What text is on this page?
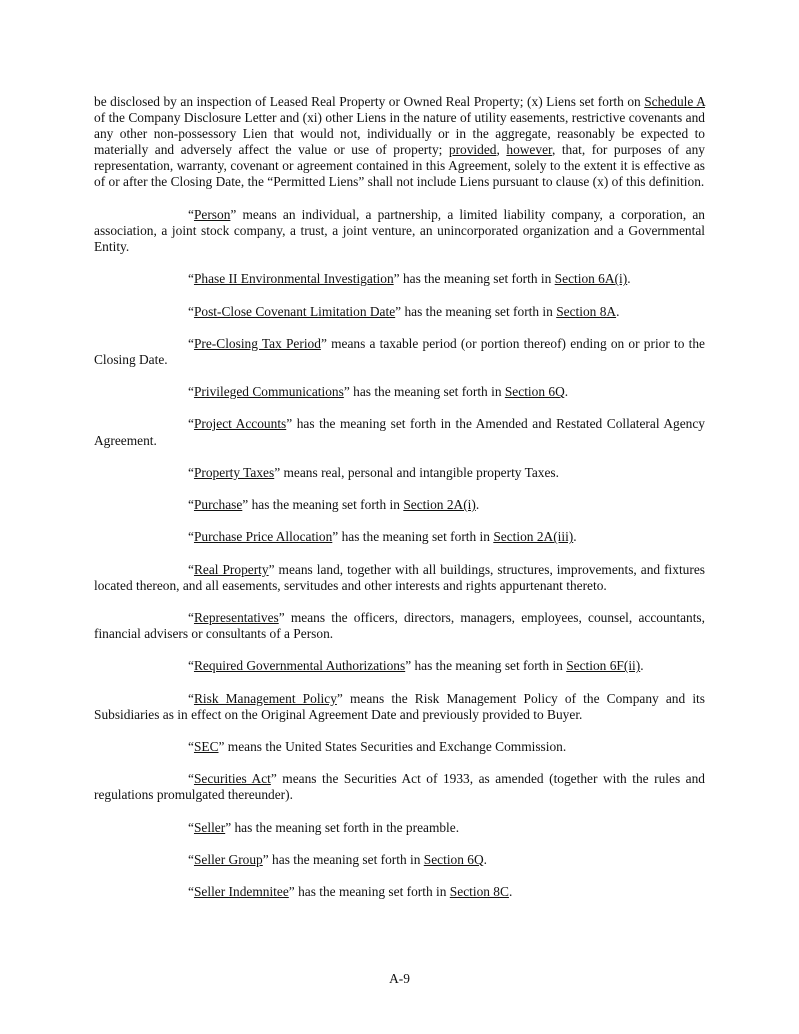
be disclosed by an inspection of Leased Real Property or Owned Real Property; (x) Liens set forth on Schedule A of the Company Disclosure Letter and (xi) other Liens in the nature of utility easements, restrictive covenants and any other non-possessory Lien that would not, individually or in the aggregate, reasonably be expected to materially and adversely affect the value or use of property; provided, however, that, for purposes of any representation, warranty, covenant or agreement contained in this Agreement, solely to the extent it is effective as of or after the Closing Date, the “Permitted Liens” shall not include Liens pursuant to clause (x) of this definition.

“Person” means an individual, a partnership, a limited liability company, a corporation, an association, a joint stock company, a trust, a joint venture, an unincorporated organization and a Governmental Entity.

“Phase II Environmental Investigation” has the meaning set forth in Section 6A(i).

“Post-Close Covenant Limitation Date” has the meaning set forth in Section 8A.

“Pre-Closing Tax Period” means a taxable period (or portion thereof) ending on or prior to the Closing Date.

“Privileged Communications” has the meaning set forth in Section 6Q.

“Project Accounts” has the meaning set forth in the Amended and Restated Collateral Agency Agreement.

“Property Taxes” means real, personal and intangible property Taxes.

“Purchase” has the meaning set forth in Section 2A(i).

“Purchase Price Allocation” has the meaning set forth in Section 2A(iii).

“Real Property” means land, together with all buildings, structures, improvements, and fixtures located thereon, and all easements, servitudes and other interests and rights appurtenant thereto.

“Representatives” means the officers, directors, managers, employees, counsel, accountants, financial advisers or consultants of a Person.

“Required Governmental Authorizations” has the meaning set forth in Section 6F(ii).

“Risk Management Policy” means the Risk Management Policy of the Company and its Subsidiaries as in effect on the Original Agreement Date and previously provided to Buyer.

“SEC” means the United States Securities and Exchange Commission.

“Securities Act” means the Securities Act of 1933, as amended (together with the rules and regulations promulgated thereunder).

“Seller” has the meaning set forth in the preamble.

“Seller Group” has the meaning set forth in Section 6Q.

“Seller Indemnitee” has the meaning set forth in Section 8C.

A-9
